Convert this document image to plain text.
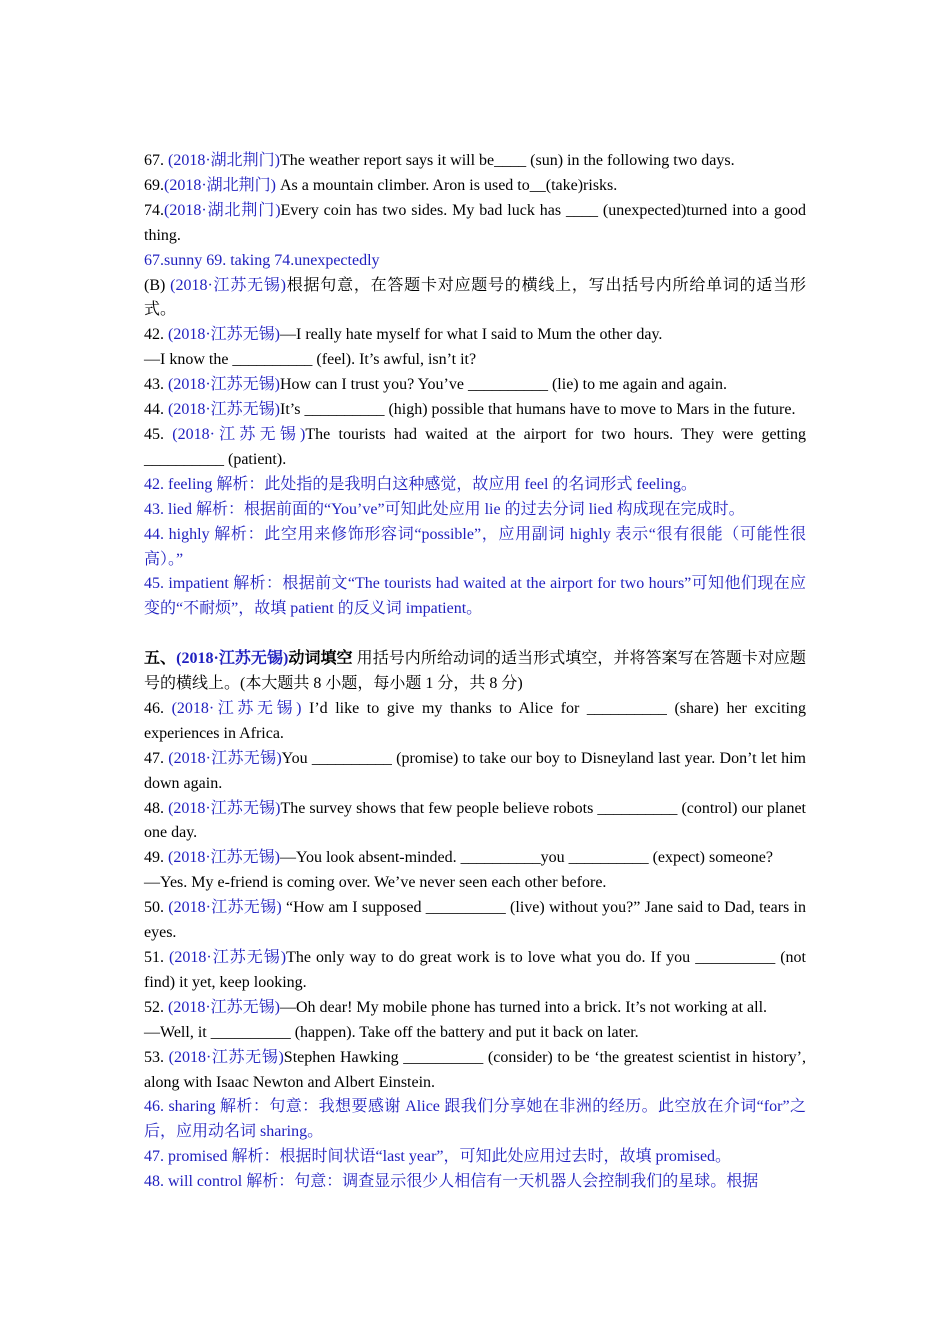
67. (2018·湖北荆门)The weather report says it will be____ (sun) in the following two days.
69.(2018·湖北荆门) As a mountain climber. Aron is used to__(take)risks.
74.(2018·湖北荆门)Every coin has two sides. My bad luck has ____ (unexpected)turned into a good thing.
67.sunny 69. taking 74.unexpectedly
(B) (2018·江苏无锡)根据句意，在答题卡对应题号的横线上，写出括号内所给单词的适当形式。
42. (2018·江苏无锡)—I really hate myself for what I said to Mum the other day.
—I know the __________ (feel). It’s awful, isn’t it?
43. (2018·江苏无锡)How can I trust you? You’ve __________ (lie) to me again and again.
44. (2018·江苏无锡)It’s __________ (high) possible that humans have to move to Mars in the future.
45. (2018·江苏无锡)The tourists had waited at the airport for two hours. They were getting __________ (patient).
42. feeling 解析：此处指的是我明白这种感觉，故应用 feel 的名词形式 feeling。
43. lied 解析：根据前面的“You’ve”可知此处应用 lie 的过去分词 lied 构成现在完成时。
44. highly 解析：此空用来修饰形容词“possible”，应用副词 highly 表示“很有很能（可能性很高）。”
45. impatient 解析：根据前文“The tourists had waited at the airport for two hours”可知他们现在应变的“不耐烦”，故填 patient 的反义词 impatient。
五、(2018·江苏无锡)动词填空 用括号内所给动词的适当形式填空，并将答案写在答题卡对应题号的横线上。(本大题共 8 小题，每小题 1 分，共 8 分)
46. (2018·江苏无锡) I’d like to give my thanks to Alice for __________ (share) her exciting experiences in Africa.
47. (2018·江苏无锡)You __________ (promise) to take our boy to Disneyland last year. Don’t let him down again.
48. (2018·江苏无锡)The survey shows that few people believe robots __________ (control) our planet one day.
49. (2018·江苏无锡)—You look absent-minded. __________you __________ (expect) someone?
—Yes. My e-friend is coming over. We’ve never seen each other before.
50. (2018·江苏无锡) “How am I supposed __________ (live) without you?” Jane said to Dad, tears in eyes.
51. (2018·江苏无锡)The only way to do great work is to love what you do. If you __________ (not find) it yet, keep looking.
52. (2018·江苏无锡)—Oh dear! My mobile phone has turned into a brick. It’s not working at all.
—Well, it __________ (happen). Take off the battery and put it back on later.
53. (2018·江苏无锡)Stephen Hawking __________ (consider) to be ‘the greatest scientist in history’, along with Isaac Newton and Albert Einstein.
46. sharing 解析：句意：我想要感谢 Alice 跟我们分享她在非洲的经历。此空放在介词“for”之后，应用动名词 sharing。
47. promised 解析：根据时间状语“last year”，可知此处应用过去时，故填 promised。
48. will control 解析：句意：调查显示很少人相信有一天机器人会控制我们的星球。根据
